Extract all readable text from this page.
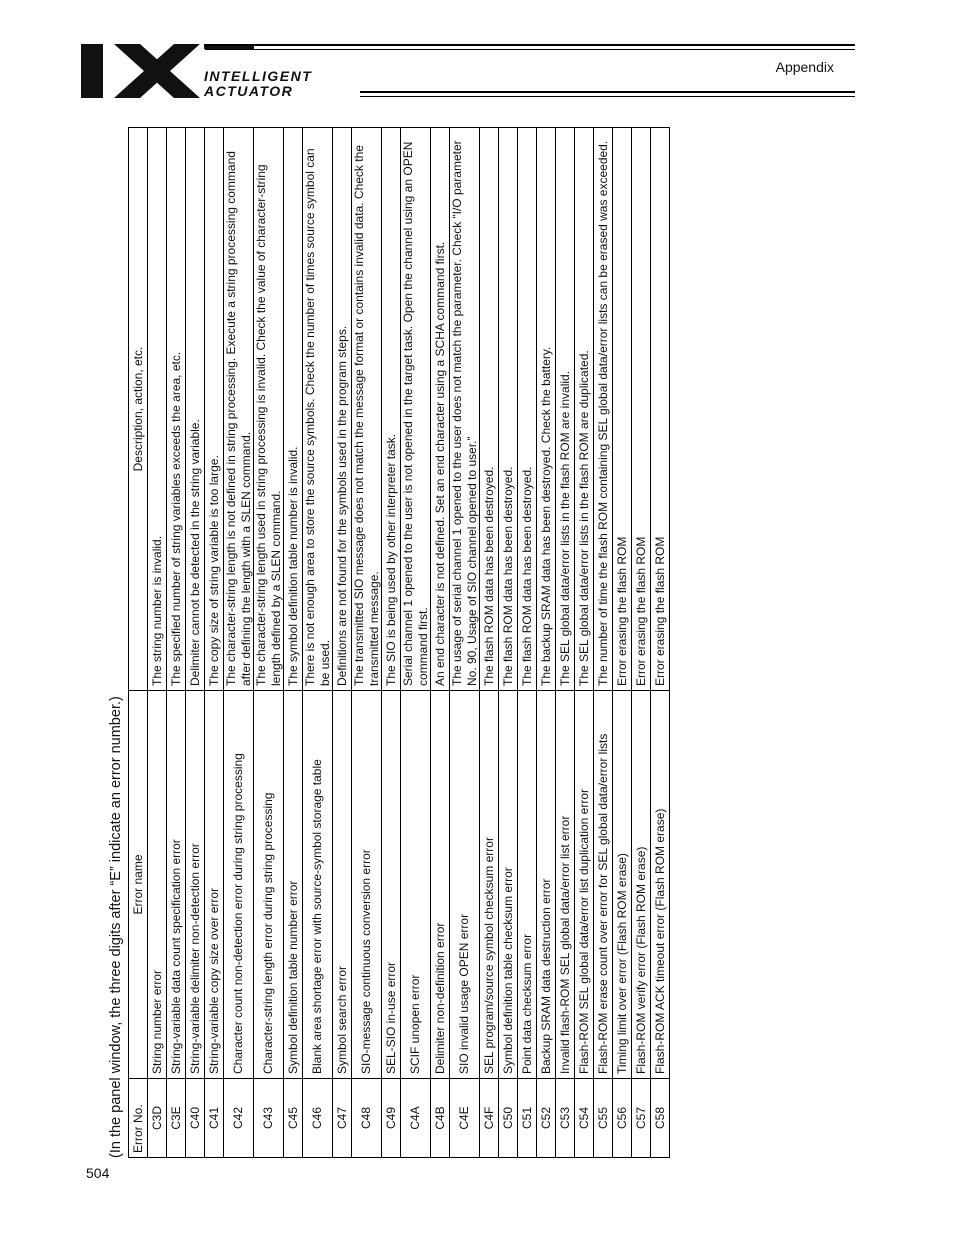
INTELLIGENT
ACTUATOR
Appendix
504
(In the panel window, the three digits after “E” indicate an error number.) Error No.	Error name	Description, action, etc.
C3D	String number error	The string number is invalid.
C3E	String-variable data count specification error	The specified number of string variables exceeds the area, etc.
C40	String-variable delimiter non-detection error	Delimiter cannot be detected in the string variable.
C41	String-variable copy size over error	The copy size of string variable is too large.
C42	Character count non-detection error during string processing	The character-string length is not defined in string processing. Execute a string processing command after defining the length with a SLEN command.
C43	Character-string length error during string processing	The character-string length used in string processing is invalid. Check the value of character-string length defined by a SLEN command.
C45	Symbol definition table number error	The symbol definition table number is invalid.
C46	Blank area shortage error with source-symbol storage table	There is not enough area to store the source symbols. Check the number of times source symbol can be used.
C47	Symbol search error	Definitions are not found for the symbols used in the program steps.
C48	SIO-message continuous conversion error	The transmitted SIO message does not match the message format or contains invalid data. Check the transmitted message.
C49	SEL-SIO in-use error	The SIO is being used by other interpreter task.
C4A	SCIF unopen error	Serial channel 1 opened to the user is not opened in the target task. Open the channel using an OPEN command first.
C4B	Delimiter non-definition error	An end character is not defined. Set an end character using a SCHA command first.
C4E	SIO invalid usage OPEN error	The usage of serial channel 1 opened to the user does not match the parameter. Check “I/O parameter No. 90, Usage of SIO channel opened to user.”
C4F	SEL program/source symbol checksum error	The flash ROM data has been destroyed.
C50	Symbol definition table checksum error	The flash ROM data has been destroyed.
C51	Point data checksum error	The flash ROM data has been destroyed.
C52	Backup SRAM data destruction error	The backup SRAM data has been destroyed. Check the battery.
C53	Invalid flash-ROM SEL global data/error list error	The SEL global data/error lists in the flash ROM are invalid.
C54	Flash-ROM SEL global data/error list duplication error	The SEL global data/error lists in the flash ROM are duplicated.
C55	Flash-ROM erase count over error for SEL global data/error lists	The number of time the flash ROM containing SEL global data/error lists can be erased was exceeded.
C56	Timing limit over error (Flash ROM erase)	Error erasing the flash ROM
C57	Flash-ROM verify error (Flash ROM erase)	Error erasing the flash ROM
C58	Flash-ROM ACK timeout error (Flash ROM erase)	Error erasing the flash ROM
